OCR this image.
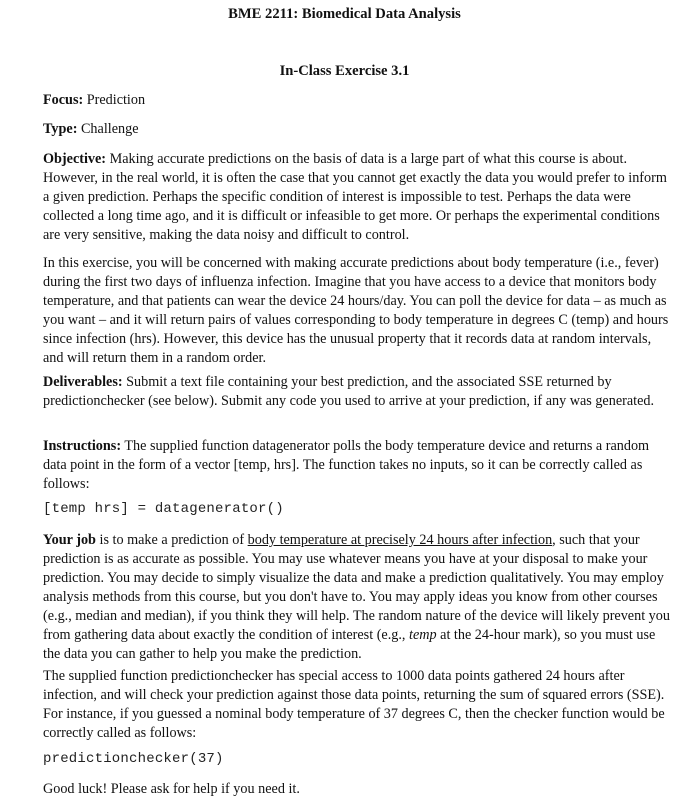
BME 2211: Biomedical Data Analysis
In-Class Exercise 3.1

Focus: Prediction

Type: Challenge

Objective: Making accurate predictions on the basis of data is a large part of what this course is about. However, in the real world, it is often the case that you cannot get exactly the data you would prefer to inform a given prediction. Perhaps the specific condition of interest is impossible to test. Perhaps the data were collected a long time ago, and it is difficult or infeasible to get more. Or perhaps the experimental conditions are very sensitive, making the data noisy and difficult to control.

In this exercise, you will be concerned with making accurate predictions about body temperature (i.e., fever) during the first two days of influenza infection. Imagine that you have access to a device that monitors body temperature, and that patients can wear the device 24 hours/day. You can poll the device for data – as much as you want – and it will return pairs of values corresponding to body temperature in degrees C (temp) and hours since infection (hrs). However, this device has the unusual property that it records data at random intervals, and will return them in a random order.

Deliverables: Submit a text file containing your best prediction, and the associated SSE returned by predictionchecker (see below). Submit any code you used to arrive at your prediction, if any was generated.

Instructions: The supplied function datagenerator polls the body temperature device and returns a random data point in the form of a vector [temp, hrs]. The function takes no inputs, so it can be correctly called as follows:

[temp hrs] = datagenerator()

Your job is to make a prediction of body temperature at precisely 24 hours after infection, such that your prediction is as accurate as possible. You may use whatever means you have at your disposal to make your prediction. You may decide to simply visualize the data and make a prediction qualitatively. You may employ analysis methods from this course, but you don't have to. You may apply ideas you know from other courses (e.g., median and median), if you think they will help. The random nature of the device will likely prevent you from gathering data about exactly the condition of interest (e.g., temp at the 24-hour mark), so you must use the data you can gather to help you make the prediction.

The supplied function predictionchecker has special access to 1000 data points gathered 24 hours after infection, and will check your prediction against those data points, returning the sum of squared errors (SSE). For instance, if you guessed a nominal body temperature of 37 degrees C, then the checker function would be correctly called as follows:

predictionchecker(37)

Good luck! Please ask for help if you need it.
